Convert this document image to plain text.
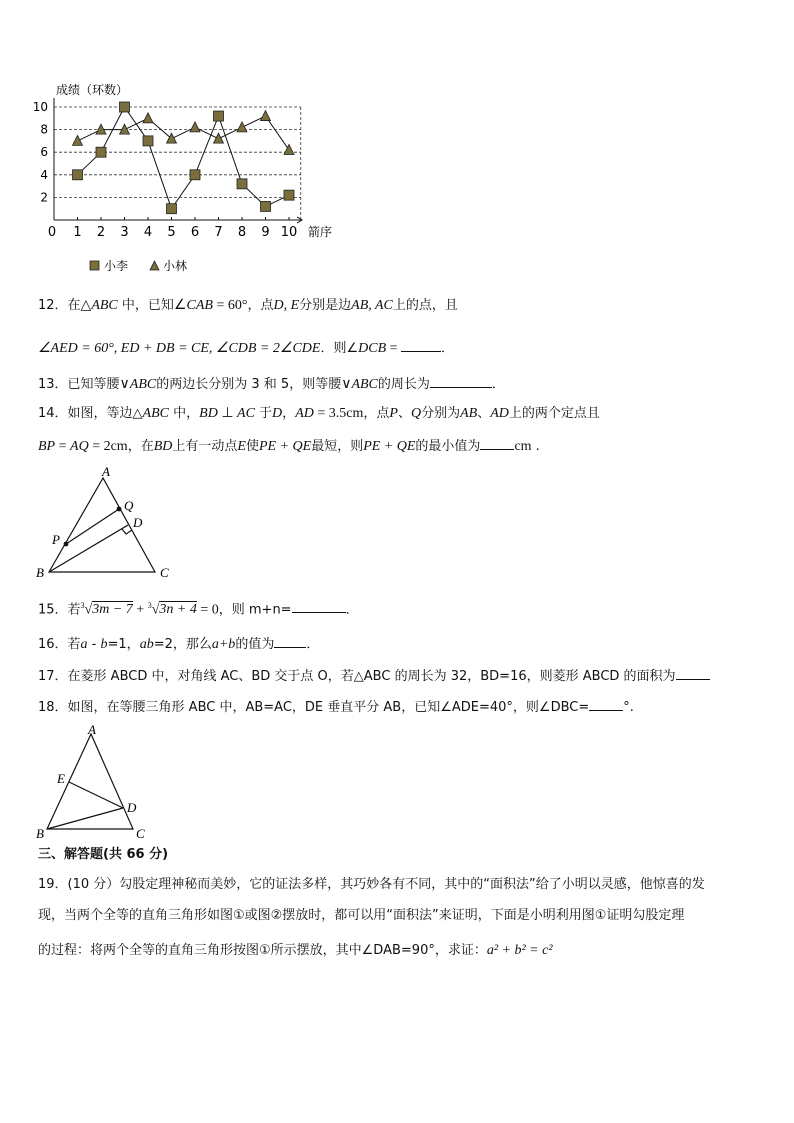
成绩（环数）
2
4
6
8
10
0 1 2 3 4 5 6 7 8 9 10 箭序
小李	小林
12．在△ABC 中，已知∠CAB = 60°，点D, E分别是边AB, AC上的点，且
∠AED = 60°, ED + DB = CE, ∠CDB = 2∠CDE．则∠DCB =	．
13．已知等腰∨ABC的两边长分别为 3 和 5，则等腰∨ABC的周长为	．
14．如图，等边△ABC 中，BD ⊥ AC 于D，AD = 3.5cm，点P、Q分别为AB、AD上的两个定点且
BP = AQ = 2cm，在BD上有一动点E使PE + QE最短，则PE + QE的最小值为 cm .
A
B	C
D
P
Q
15．若$^3$√3m − 7 + $^3$√3n + 4 = 0，则 m+n=	．
16．若a - b=1，ab=2，那么a+b的值为 ．
17．在菱形 ABCD 中，对角线 AC、BD 交于点 O，若△ABC 的周长为 32，BD=16，则菱形 ABCD 的面积为
18．如图，在等腰三角形 ABC 中，AB=AC，DE 垂直平分 AB，已知∠ADE=40°，则∠DBC=	°.
A
B	C
D
E
三、解答题(共 66 分)
19．(10 分）勾股定理神秘而美妙，它的证法多样，其巧妙各有不同，其中的“面积法”给了小明以灵感，他惊喜的发
现，当两个全等的直角三角形如图①或图②摆放时，都可以用“面积法”来证明，下面是小明利用图①证明勾股定理
的过程：将两个全等的直角三角形按图①所示摆放，其中∠DAB=90°，求证：a² + b² = c²
